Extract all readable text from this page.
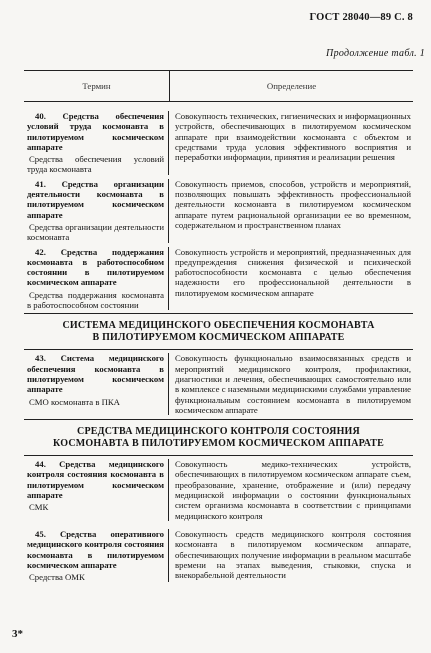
ГОСТ 28040—89 С. 8
Продолжение табл. 1
Термин	Определение

40. Средства обеспечения условий труда космонавта в пилотируемом космическом аппарате

Средства обеспечения условий труда космонавта

Совокупность технических, гигиенических и информационных устройств, обеспечивающих в пилотируемом космическом аппарате при взаимодействии космонавта с объектом и средствами труда условия эффективного восприятия и переработки информации, принятия и реализации решения

41. Средства организации деятельности космонавта в пилотируемом космическом аппарате

Средства организации деятельности космонавта

Совокупность приемов, способов, устройств и мероприятий, позволяющих повышать эффективность профессиональной деятельности космонавта в пилотируемом космическом аппарате путем рациональной организации ее во временном, содержательном и пространственном планах

42. Средства поддержания космонавта в работоспособном состоянии в пилотируемом космическом аппарате

Средства поддержания космонавта в работоспособном состоянии

Совокупность устройств и мероприятий, предназначенных для предупреждения снижения физической и психической работоспособности космонавта с целью обеспечения надежности его профессиональной деятельности в пилотируемом космическом аппарате

СИСТЕМА МЕДИЦИНСКОГО ОБЕСПЕЧЕНИЯ КОСМОНАВТА
В ПИЛОТИРУЕМОМ КОСМИЧЕСКОМ АППАРАТЕ

43. Система медицинского обеспечения космонавта в пилотируемом космическом аппарате

СМО космонавта в ПКА

Совокупность функционально взаимосвязанных средств и мероприятий медицинского контроля, профилактики, диагностики и лечения, обеспечивающих самостоятельно или в комплексе с наземными медицинскими службами управление функциональным состоянием космонавта в пилотируемом космическом аппарате

СРЕДСТВА МЕДИЦИНСКОГО КОНТРОЛЯ СОСТОЯНИЯ
КОСМОНАВТА В ПИЛОТИРУЕМОМ КОСМИЧЕСКОМ АППАРАТЕ

44. Средства медицинского контроля состояния космонавта в пилотируемом космическом аппарате

СМК

Совокупность медико-технических устройств, обеспечивающих в пилотируемом космическом аппарате съем, преобразование, хранение, отображение и (или) передачу медицинской информации о состоянии функциональных систем организма космонавта в соответствии с принципами медицинского контроля

45. Средства оперативного медицинского контроля состояния космонавта в пилотируемом космическом аппарате

Средства ОМК

Совокупность средств медицинского контроля состояния космонавта в пилотируемом космическом аппарате, обеспечивающих получение информации в реальном масштабе времени на этапах выведения, стыковки, спуска и внекорабельной деятельности

3*
